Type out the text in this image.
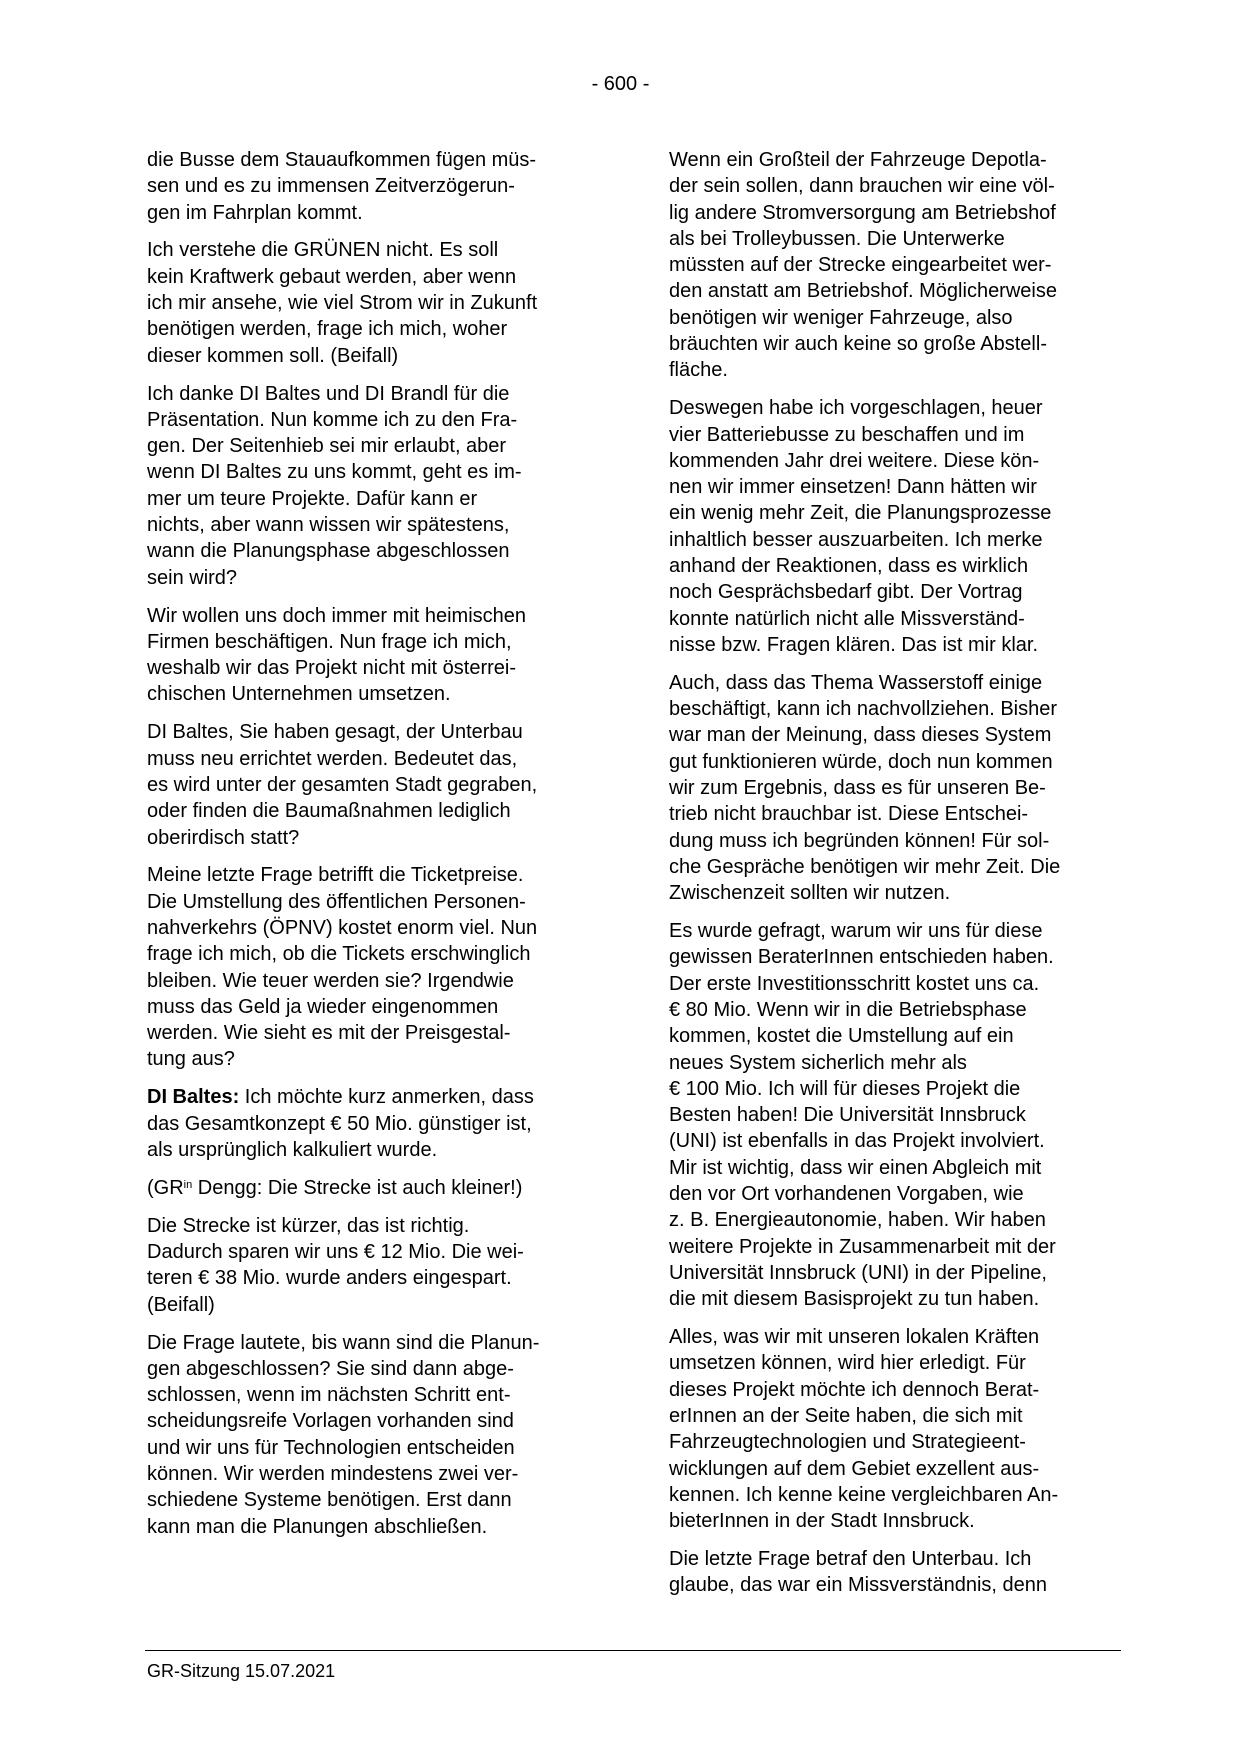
- 600 -

die Busse dem Stauaufkommen fügen müs-
sen und es zu immensen Zeitverzögerun-
gen im Fahrplan kommt.

Ich verstehe die GRÜNEN nicht. Es soll
kein Kraftwerk gebaut werden, aber wenn
ich mir ansehe, wie viel Strom wir in Zukunft
benötigen werden, frage ich mich, woher
dieser kommen soll. (Beifall)

Ich danke DI Baltes und DI Brandl für die
Präsentation. Nun komme ich zu den Fra-
gen. Der Seitenhieb sei mir erlaubt, aber
wenn DI Baltes zu uns kommt, geht es im-
mer um teure Projekte. Dafür kann er
nichts, aber wann wissen wir spätestens,
wann die Planungsphase abgeschlossen
sein wird?

Wir wollen uns doch immer mit heimischen
Firmen beschäftigen. Nun frage ich mich,
weshalb wir das Projekt nicht mit österrei-
chischen Unternehmen umsetzen.

DI Baltes, Sie haben gesagt, der Unterbau
muss neu errichtet werden. Bedeutet das,
es wird unter der gesamten Stadt gegraben,
oder finden die Baumaßnahmen lediglich
oberirdisch statt?

Meine letzte Frage betrifft die Ticketpreise.
Die Umstellung des öffentlichen Personen-
nahverkehrs (ÖPNV) kostet enorm viel. Nun
frage ich mich, ob die Tickets erschwinglich
bleiben. Wie teuer werden sie? Irgendwie
muss das Geld ja wieder eingenommen
werden. Wie sieht es mit der Preisgestal-
tung aus?

DI Baltes: Ich möchte kurz anmerken, dass
das Gesamtkonzept € 50 Mio. günstiger ist,
als ursprünglich kalkuliert wurde.

($GR^{in}$ Dengg: Die Strecke ist auch kleiner!)

Die Strecke ist kürzer, das ist richtig.
Dadurch sparen wir uns € 12 Mio. Die wei-
teren € 38 Mio. wurde anders eingespart.
(Beifall)

Die Frage lautete, bis wann sind die Planun-
gen abgeschlossen? Sie sind dann abge-
schlossen, wenn im nächsten Schritt ent-
scheidungsreife Vorlagen vorhanden sind
und wir uns für Technologien entscheiden
können. Wir werden mindestens zwei ver-
schiedene Systeme benötigen. Erst dann
kann man die Planungen abschließen.

Wenn ein Großteil der Fahrzeuge Depotla-
der sein sollen, dann brauchen wir eine völ-
lig andere Stromversorgung am Betriebshof
als bei Trolleybussen. Die Unterwerke
müssten auf der Strecke eingearbeitet wer-
den anstatt am Betriebshof. Möglicherweise
benötigen wir weniger Fahrzeuge, also
bräuchten wir auch keine so große Abstell-
fläche.

Deswegen habe ich vorgeschlagen, heuer
vier Batteriebusse zu beschaffen und im
kommenden Jahr drei weitere. Diese kön-
nen wir immer einsetzen! Dann hätten wir
ein wenig mehr Zeit, die Planungsprozesse
inhaltlich besser auszuarbeiten. Ich merke
anhand der Reaktionen, dass es wirklich
noch Gesprächsbedarf gibt. Der Vortrag
konnte natürlich nicht alle Missverständ-
nisse bzw. Fragen klären. Das ist mir klar.

Auch, dass das Thema Wasserstoff einige
beschäftigt, kann ich nachvollziehen. Bisher
war man der Meinung, dass dieses System
gut funktionieren würde, doch nun kommen
wir zum Ergebnis, dass es für unseren Be-
trieb nicht brauchbar ist. Diese Entschei-
dung muss ich begründen können! Für sol-
che Gespräche benötigen wir mehr Zeit. Die
Zwischenzeit sollten wir nutzen.

Es wurde gefragt, warum wir uns für diese
gewissen BeraterInnen entschieden haben.
Der erste Investitionsschritt kostet uns ca.
€ 80 Mio. Wenn wir in die Betriebsphase
kommen, kostet die Umstellung auf ein
neues System sicherlich mehr als
€ 100 Mio. Ich will für dieses Projekt die
Besten haben! Die Universität Innsbruck
(UNI) ist ebenfalls in das Projekt involviert.
Mir ist wichtig, dass wir einen Abgleich mit
den vor Ort vorhandenen Vorgaben, wie
z. B. Energieautonomie, haben. Wir haben
weitere Projekte in Zusammenarbeit mit der
Universität Innsbruck (UNI) in der Pipeline,
die mit diesem Basisprojekt zu tun haben.

Alles, was wir mit unseren lokalen Kräften
umsetzen können, wird hier erledigt. Für
dieses Projekt möchte ich dennoch Berat-
erInnen an der Seite haben, die sich mit
Fahrzeugtechnologien und Strategieent-
wicklungen auf dem Gebiet exzellent aus-
kennen. Ich kenne keine vergleichbaren An-
bieterInnen in der Stadt Innsbruck.

Die letzte Frage betraf den Unterbau. Ich
glaube, das war ein Missverständnis, denn

GR-Sitzung 15.07.2021
